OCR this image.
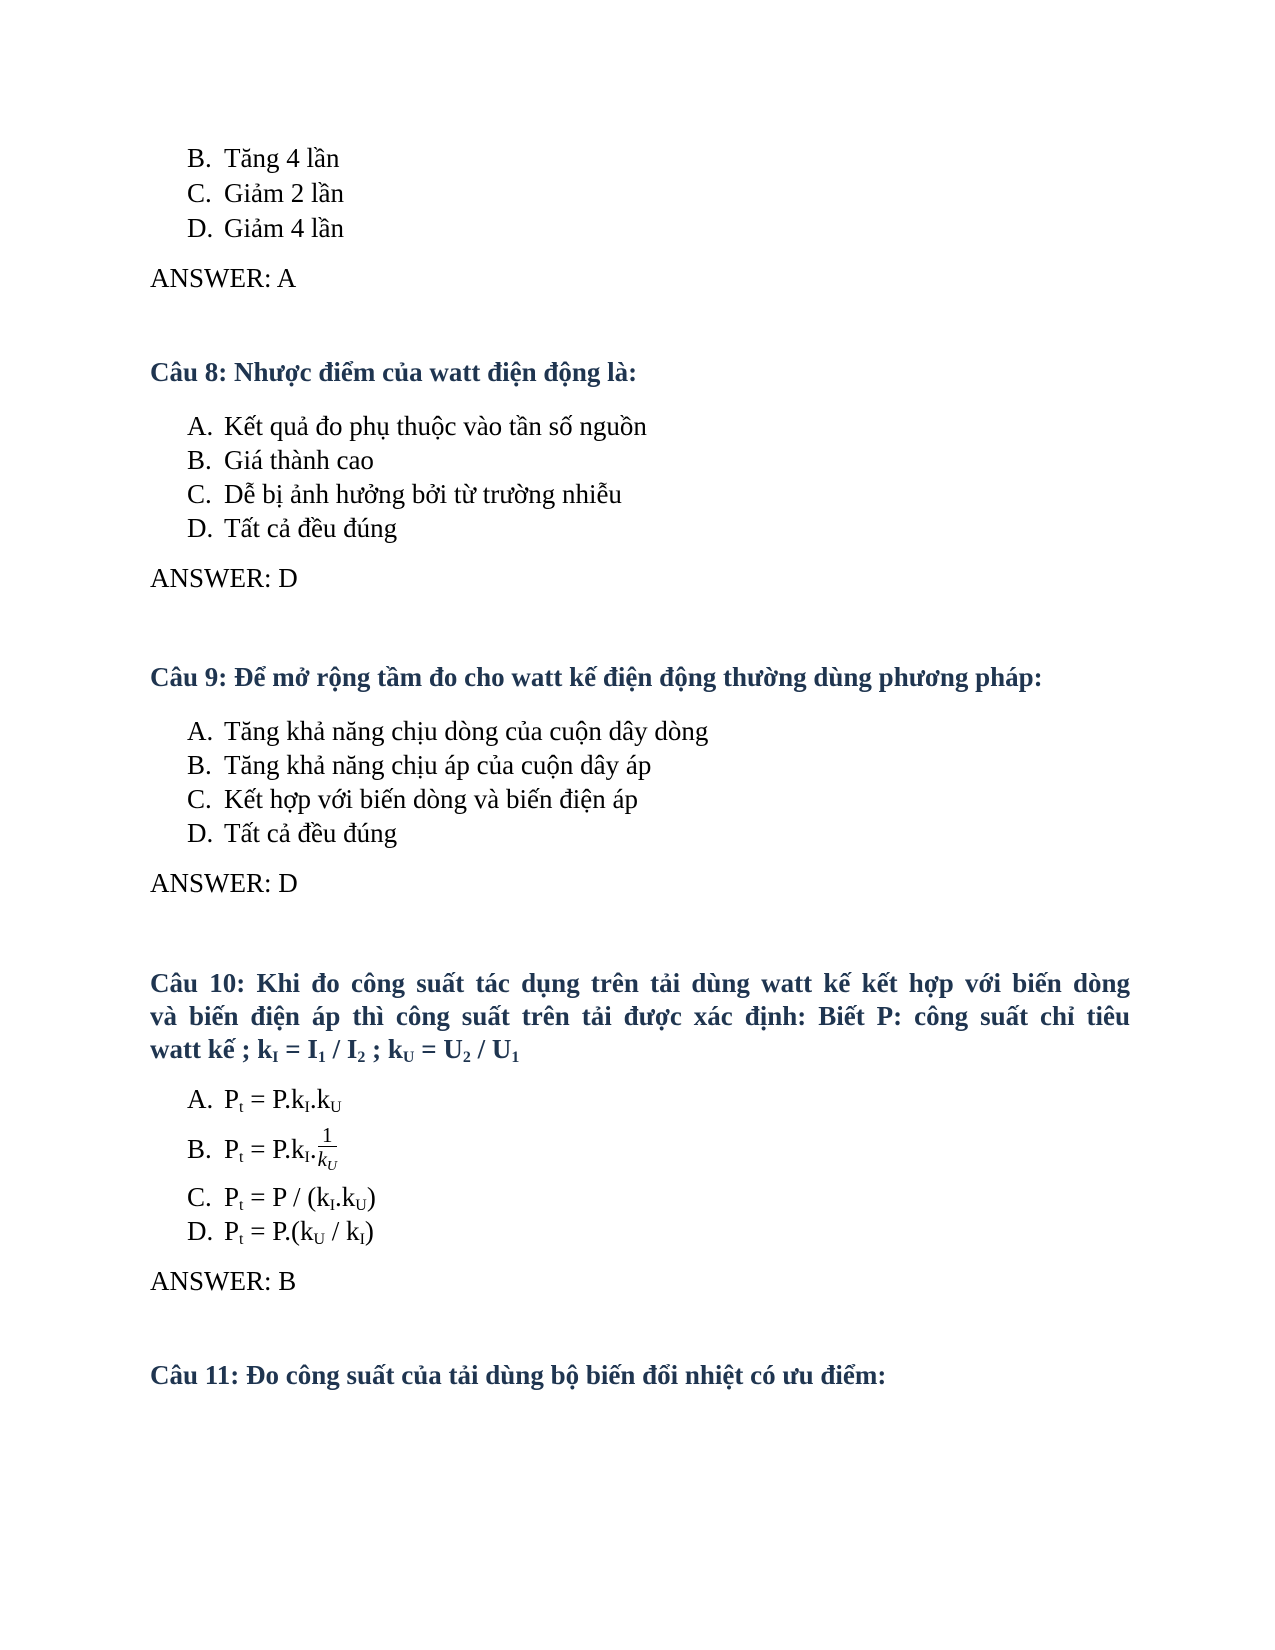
B. Tăng 4 lần
C. Giảm 2 lần
D. Giảm 4 lần
ANSWER: A
Câu 8: Nhược điểm của watt điện động là:
A. Kết quả đo phụ thuộc vào tần số nguồn
B. Giá thành cao
C. Dễ bị ảnh hưởng bởi từ trường nhiễu
D. Tất cả đều đúng
ANSWER: D
Câu 9: Để mở rộng tầm đo cho watt kế điện động thường dùng phương pháp:
A. Tăng khả năng chịu dòng của cuộn dây dòng
B. Tăng khả năng chịu áp của cuộn dây áp
C. Kết hợp với biến dòng và biến điện áp
D. Tất cả đều đúng
ANSWER: D
Câu 10: Khi đo công suất tác dụng trên tải dùng watt kế kết hợp với biến dòng
và biến điện áp thì công suất trên tải được xác định: Biết P: công suất chỉ tiêu
watt kế ; $k_I = I_1 / I_2$ ; $k_U = U_2 / U_1$
A. $P_t = P.k_I.k_U$
B. $P_t = P.k_I$. $\frac{1}{k_U}$
C. $P_t = P / (k_I.k_U)$
D. $P_t = P.(k_U / k_I)$
ANSWER: B
Câu 11: Đo công suất của tải dùng bộ biến đổi nhiệt có ưu điểm:
